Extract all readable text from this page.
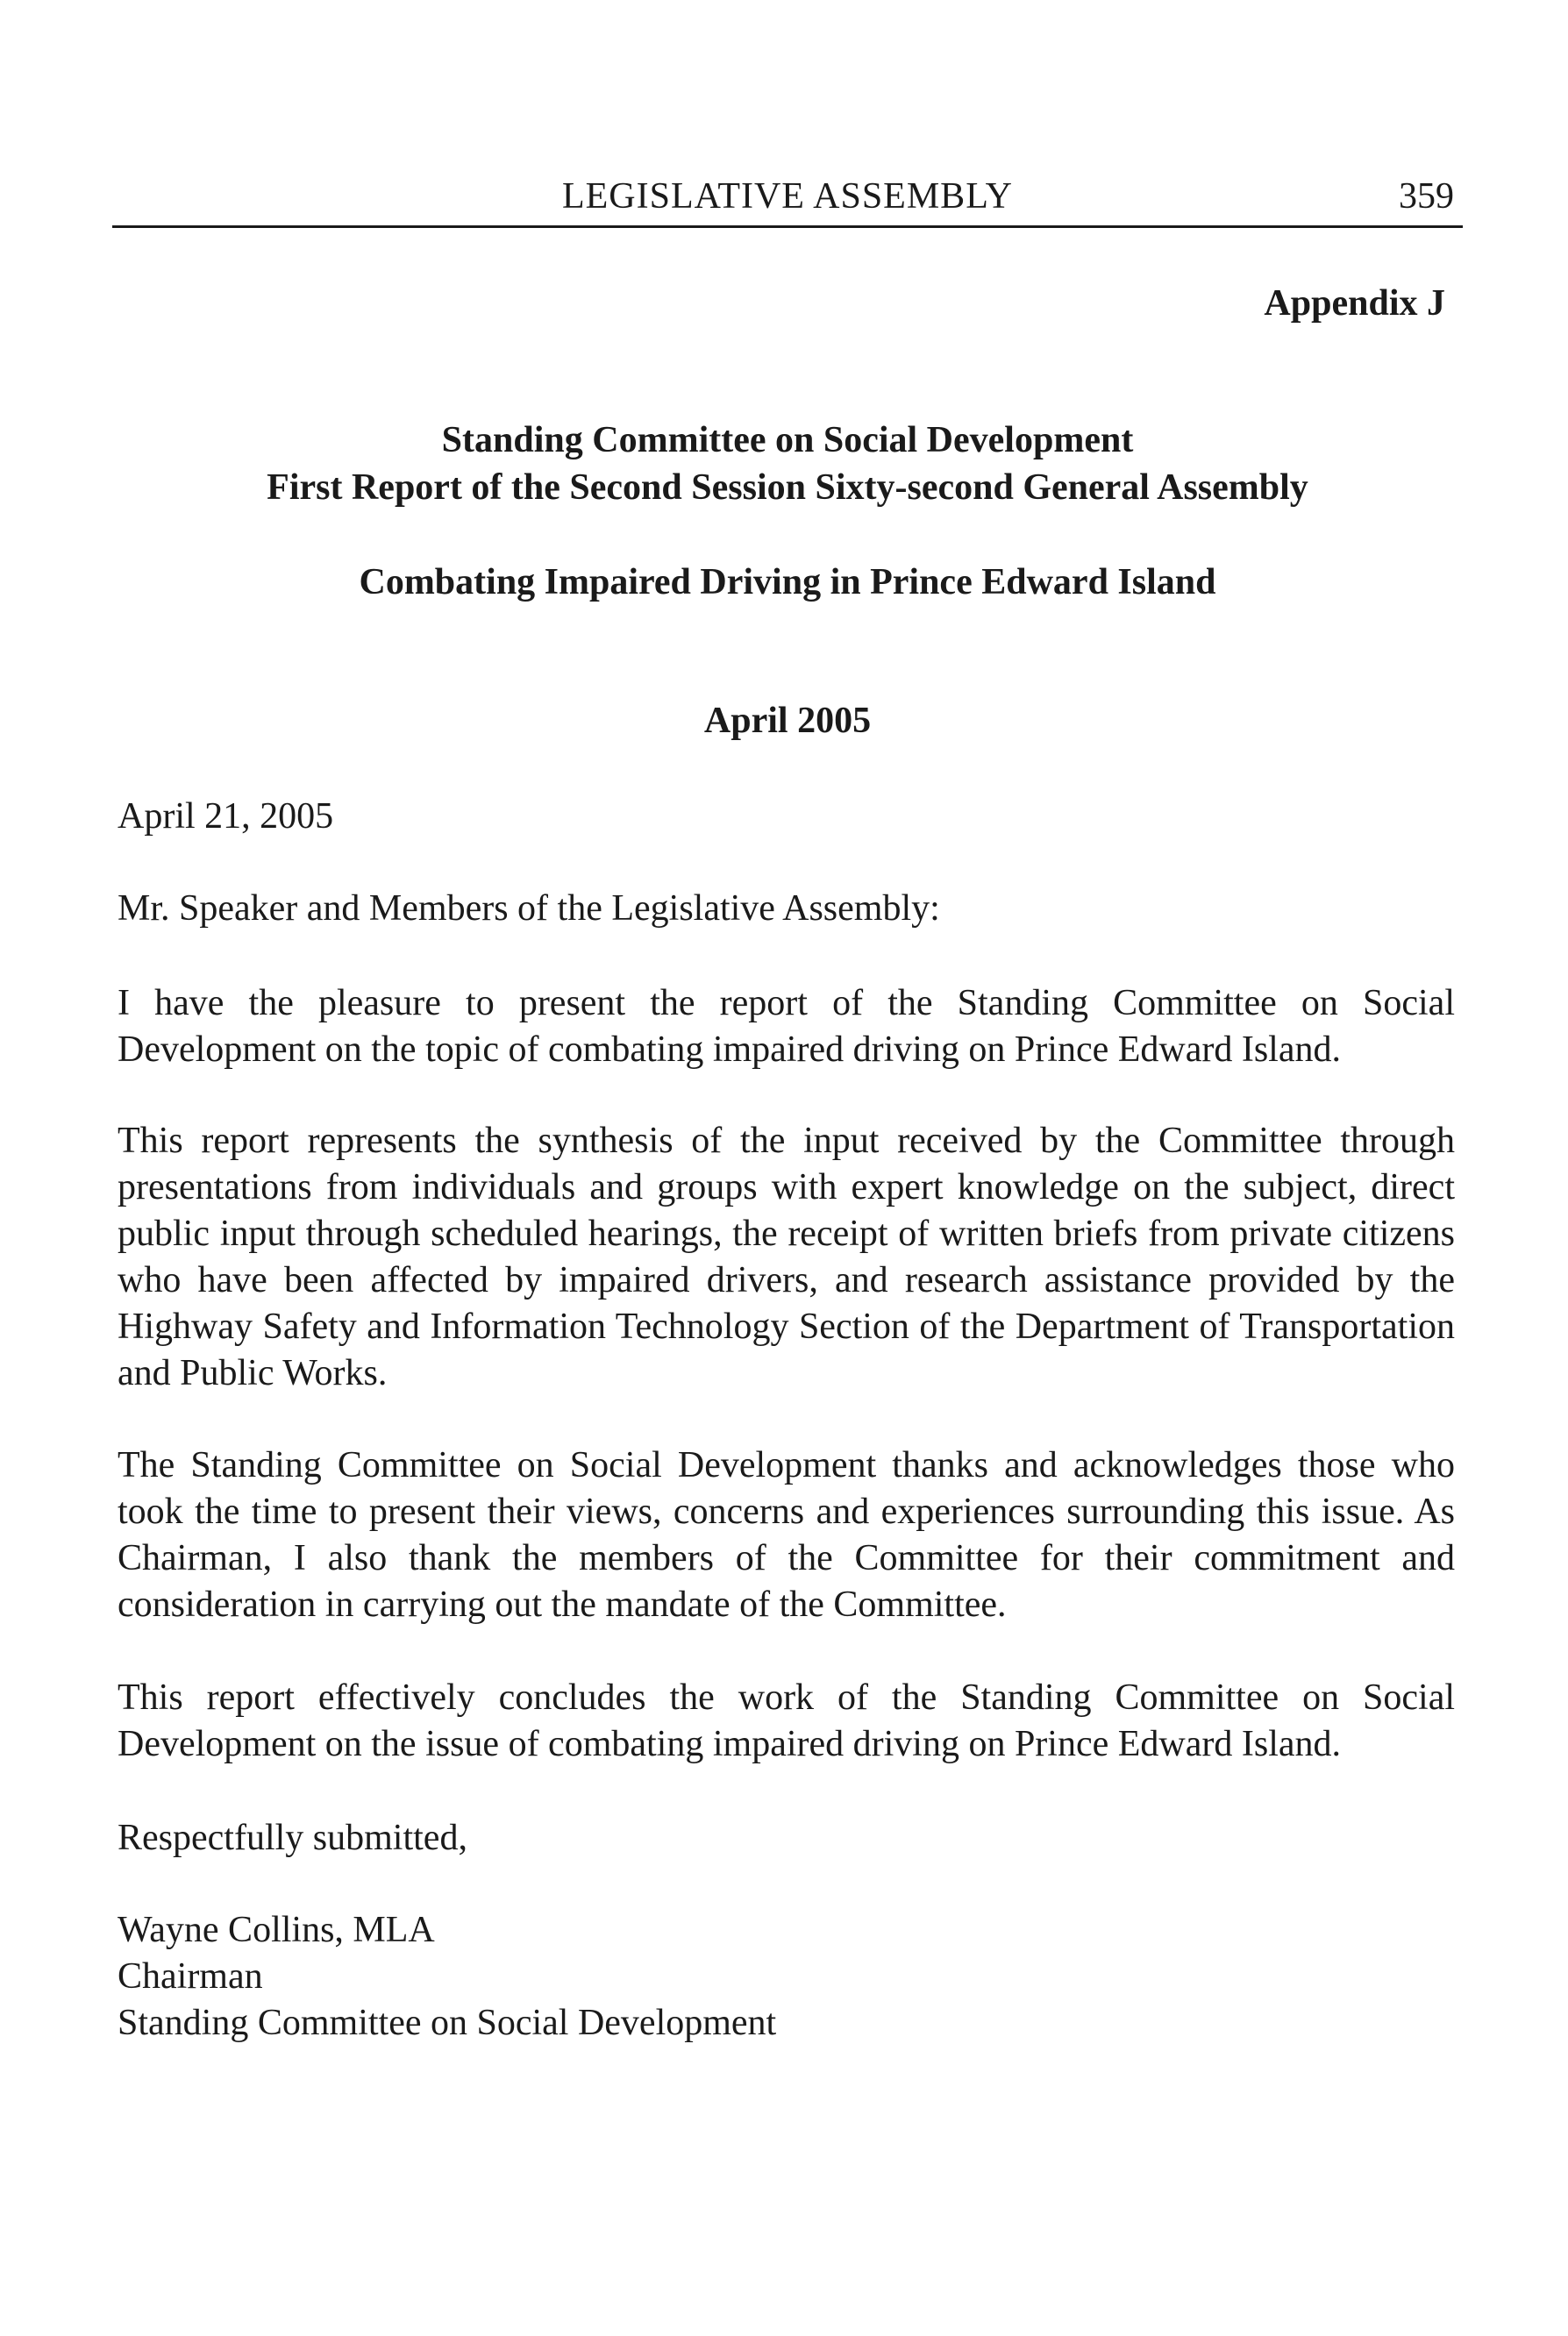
LEGISLATIVE ASSEMBLY	359
Appendix J
Standing Committee on Social Development
First Report of the Second Session Sixty-second General Assembly
Combating Impaired Driving in Prince Edward Island
April 2005
April 21, 2005
Mr. Speaker and Members of the Legislative Assembly:
I have the pleasure to present the report of the Standing Committee on Social Development on the topic of combating impaired driving on Prince Edward Island.
This report represents the synthesis of the input received by the Committee through presentations from individuals and groups with expert knowledge on the subject, direct public input through scheduled hearings, the receipt of written briefs from private citizens who have been affected by impaired drivers, and research assistance provided by the Highway Safety and Information Technology Section of the Department of Transportation and Public Works.
The Standing Committee on Social Development thanks and acknowledges those who took the time to present their views, concerns and experiences surrounding this issue. As Chairman, I also thank the members of the Committee for their commitment and consideration in carrying out the mandate of the Committee.
This report effectively concludes the work of the Standing Committee on Social Development on the issue of combating impaired driving on Prince Edward Island.
Respectfully submitted,
Wayne Collins, MLA
Chairman
Standing Committee on Social Development
